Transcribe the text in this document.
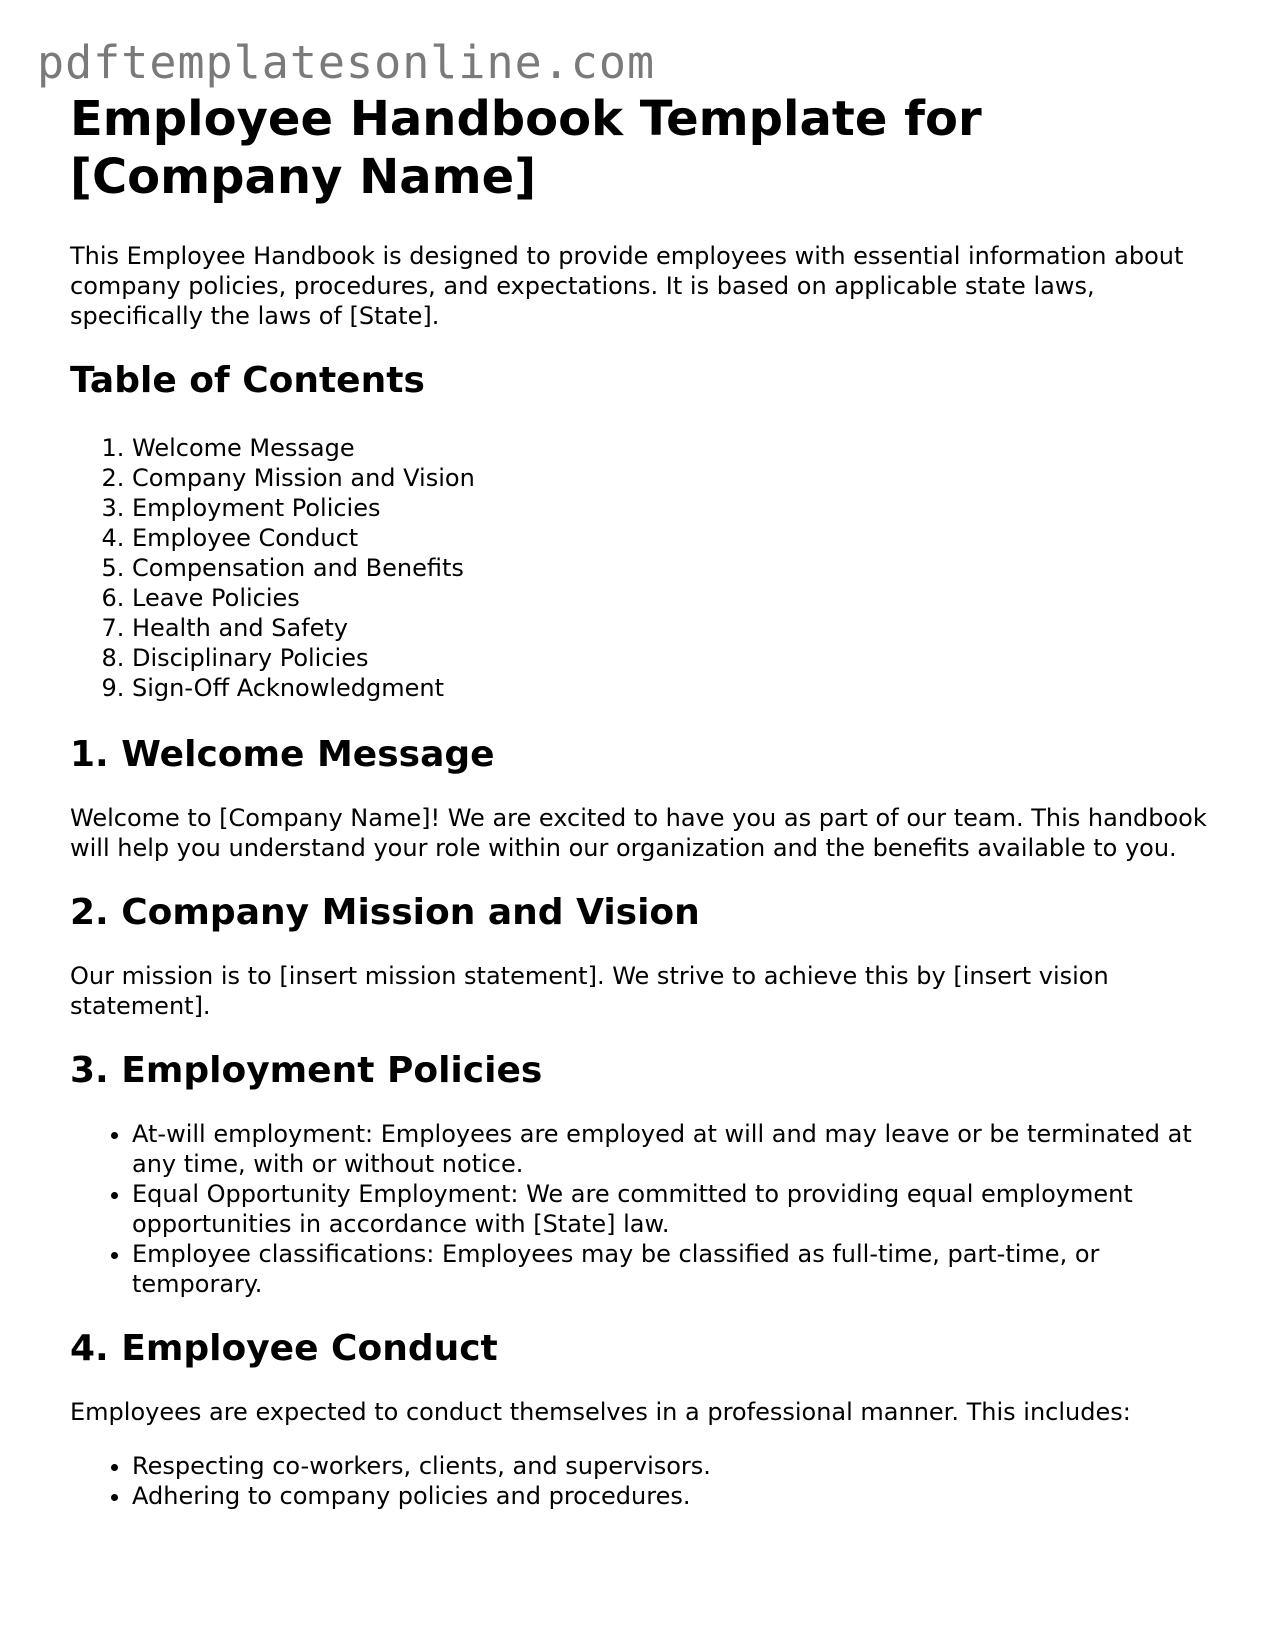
pdftemplatesonline.com
Employee Handbook Template for [Company Name]

This Employee Handbook is designed to provide employees with essential information about company policies, procedures, and expectations. It is based on applicable state laws, specifically the laws of [State].

Table of Contents
1. Welcome Message
2. Company Mission and Vision
3. Employment Policies
4. Employee Conduct
5. Compensation and Benefits
6. Leave Policies
7. Health and Safety
8. Disciplinary Policies
9. Sign-Off Acknowledgment
1. Welcome Message

Welcome to [Company Name]! We are excited to have you as part of our team. This handbook will help you understand your role within our organization and the benefits available to you.

2. Company Mission and Vision

Our mission is to [insert mission statement]. We strive to achieve this by [insert vision statement].

3. Employment Policies
• At-will employment: Employees are employed at will and may leave or be terminated at any time, with or without notice.
• Equal Opportunity Employment: We are committed to providing equal employment opportunities in accordance with [State] law.
• Employee classifications: Employees may be classified as full-time, part-time, or temporary.
4. Employee Conduct

Employees are expected to conduct themselves in a professional manner. This includes:

• Respecting co-workers, clients, and supervisors.
• Adhering to company policies and procedures.
